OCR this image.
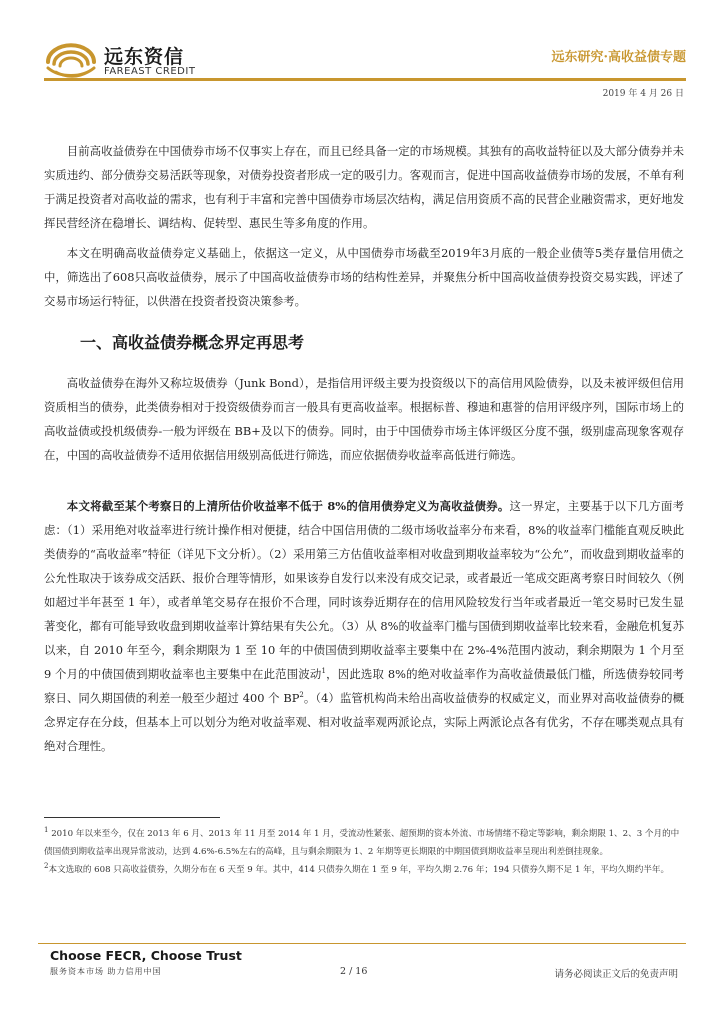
远东资信
FAREAST CREDIT
远东研究·高收益债专题
2019 年 4 月 26 日

目前高收益债券在中国债券市场不仅事实上存在，而且已经具备一定的市场规模。其独有的高收益特征以及大部分债券并未实质违约、部分债券交易活跃等现象，对债券投资者形成一定的吸引力。客观而言，促进中国高收益债券市场的发展，不单有利于满足投资者对高收益的需求，也有利于丰富和完善中国债券市场层次结构，满足信用资质不高的民营企业融资需求，更好地发挥民营经济在稳增长、调结构、促转型、惠民生等多角度的作用。

本文在明确高收益债券定义基础上，依据这一定义，从中国债券市场截至2019年3月底的一般企业债等5类存量信用债之中，筛选出了608只高收益债券，展示了中国高收益债券市场的结构性差异，并聚焦分析中国高收益债券投资交易实践，评述了交易市场运行特征，以供潜在投资者投资决策参考。

一、高收益债券概念界定再思考

高收益债券在海外又称垃圾债券（Junk Bond），是指信用评级主要为投资级以下的高信用风险债券，以及未被评级但信用资质相当的债券，此类债券相对于投资级债券而言一般具有更高收益率。根据标普、穆迪和惠誉的信用评级序列，国际市场上的高收益债或投机级债券-一般为评级在 BB+及以下的债券。同时，由于中国债券市场主体评级区分度不强，级别虚高现象客观存在，中国的高收益债券不适用依据信用级别高低进行筛选，而应依据债券收益率高低进行筛选。

本文将截至某个考察日的上清所估价收益率不低于 8%的信用债券定义为高收益债券。这一界定，主要基于以下几方面考虑：（1）采用绝对收益率进行统计操作相对便捷，结合中国信用债的二级市场收益率分布来看，8%的收益率门槛能直观反映此类债券的“高收益率”特征（详见下文分析）。（2）采用第三方估值收益率相对收盘到期收益率较为“公允”，而收盘到期收益率的公允性取决于该券成交活跃、报价合理等情形，如果该券自发行以来没有成交记录，或者最近一笔成交距离考察日时间较久（例如超过半年甚至 1 年），或者单笔交易存在报价不合理，同时该券近期存在的信用风险较发行当年或者最近一笔交易时已发生显著变化，都有可能导致收盘到期收益率计算结果有失公允。（3）从 8%的收益率门槛与国债到期收益率比较来看，金融危机复苏以来，自 2010 年至今，剩余期限为 1 至 10 年的中债国债到期收益率主要集中在 2%-4%范围内波动，剩余期限为 1 个月至 9 个月的中债国债到期收益率也主要集中在此范围波动$^1$，因此选取 8%的绝对收益率作为高收益债最低门槛，所选债券较同考察日、同久期国债的利差一般至少超过 400 个 $BP^2$。（4）监管机构尚未给出高收益债券的权威定义，而业界对高收益债券的概念界定存在分歧，但基本上可以划分为绝对收益率观、相对收益率观两派论点，实际上两派论点各有优劣，不存在哪类观点具有绝对合理性。

$^1$ 2010 年以来至今，仅在 2013 年 6 月、2013 年 11 月至 2014 年 1 月，受流动性紧张、超预期的资本外流、市场情绪不稳定等影响，剩余期限 1、2、3 个月的中债国债到期收益率出现异常波动，达到 4.6%-6.5%左右的高峰，且与剩余期限为 1、2 年期等更长期限的中期国债到期收益率呈现出利差倒挂现象。

$^2$本文选取的 608 只高收益债券，久期分布在 6 天至 9 年。其中，414 只债券久期在 1 至 9 年，平均久期 2.76 年；194 只债券久期不足 1 年，平均久期约半年。

Choose FECR, Choose Trust
服务资本市场 助力信用中国	2 / 16	请务必阅读正文后的免责声明
